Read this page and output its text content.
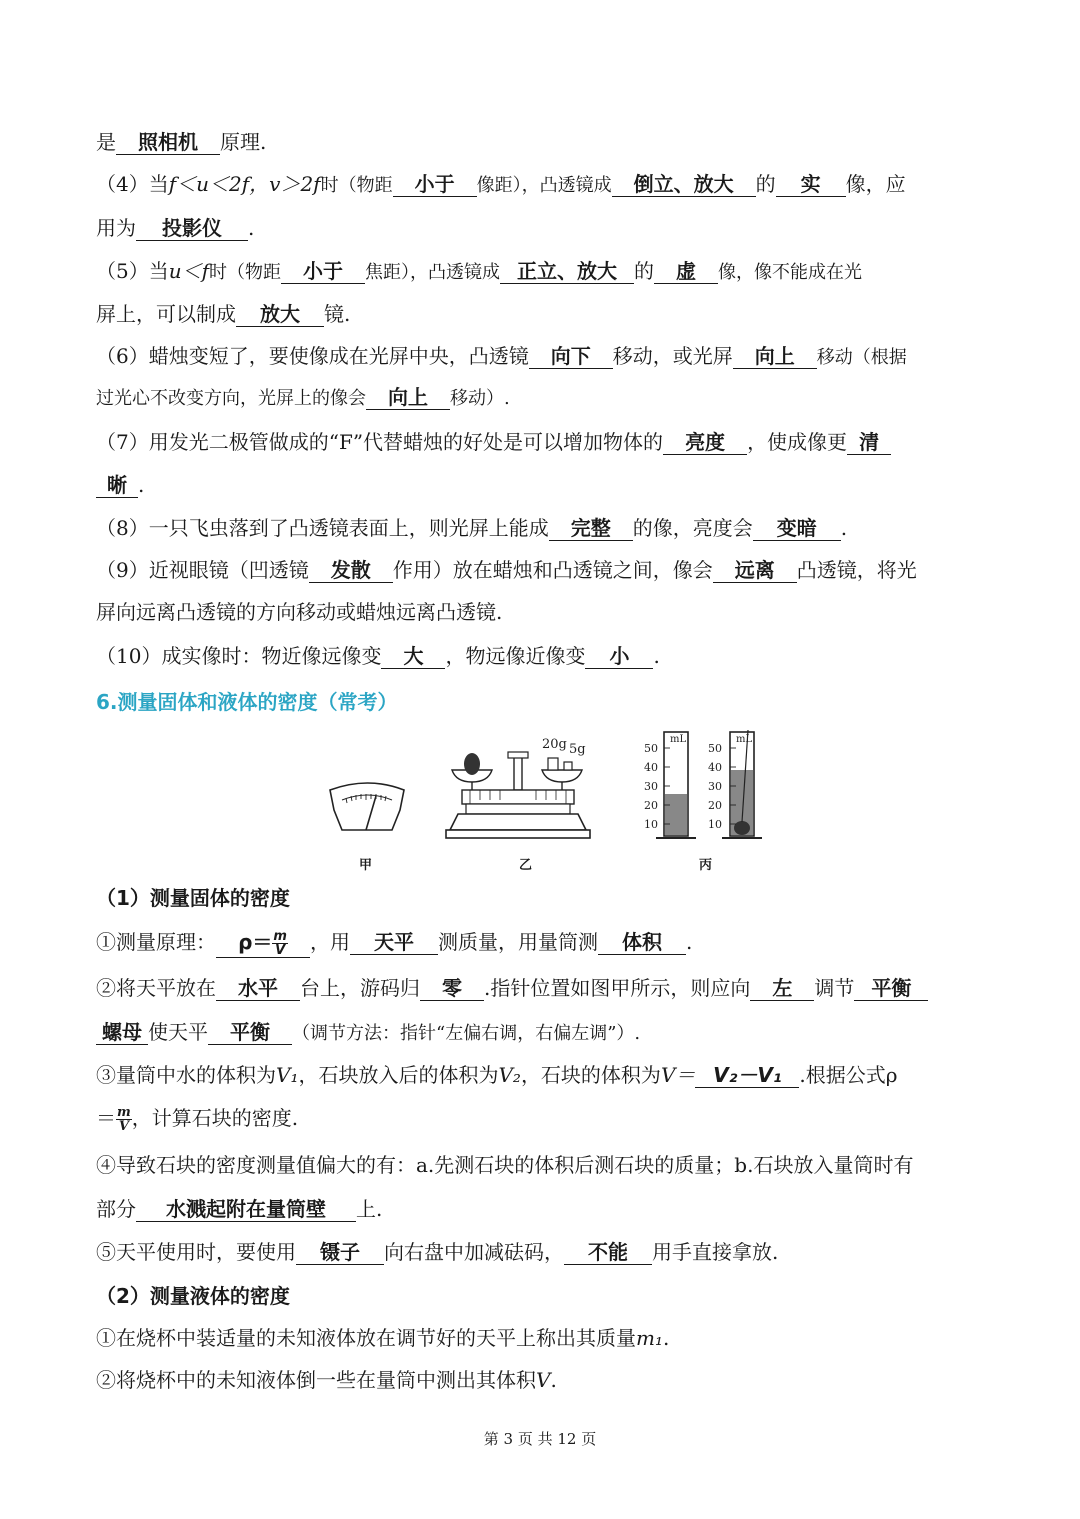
是 照相机 原理.
（4）当f＜u＜2f，v＞2f时（物距 小于 像距），凸透镜成 倒立、放大 的 实 像，应
用为 投影仪 .
（5）当u＜f时（物距 小于 焦距），凸透镜成 正立、放大 的 虚 像，像不能成在光
屏上，可以制成 放大 镜.
（6）蜡烛变短了，要使像成在光屏中央，凸透镜 向下 移动，或光屏 向上 移动（根据
过光心不改变方向，光屏上的像会 向上 移动）.
（7）用发光二极管做成的“F”代替蜡烛的好处是可以增加物体的 亮度 ，使成像更 清
晰 .
（8）一只飞虫落到了凸透镜表面上，则光屏上能成 完整 的像，亮度会 变暗 .
（9）近视眼镜（凹透镜 发散 作用）放在蜡烛和凸透镜之间，像会 远离 凸透镜，将光
屏向远离凸透镜的方向移动或蜡烛远离凸透镜.
（10）成实像时：物近像远像变 大 ，物远像近像变 小 .
6.测量固体和液体的密度（常考）
20g 5g
mL	mL
50
40
30
20
10
50
40
30
20
10
甲	乙	丙
（1）测量固体的密度
①测量原理： $\rho= \frac{m}{V}$ ，用 天平 测质量，用量筒测 体积 .
②将天平放在 水平 台上，游码归 零 .指针位置如图甲所示，则应向 左 调节 平衡
螺母 使天平 平衡 （调节方法：指针“左偏右调，右偏左调”）.
③量筒中水的体积为V₁，石块放入后的体积为V₂，石块的体积为V＝ V₂－V₁ .根据公式ρ
＝ $\frac{m}{V}$ ，计算石块的密度.
④导致石块的密度测量值偏大的有：a.先测石块的体积后测石块的质量；b.石块放入量筒时有
部分 水溅起附在量筒壁 上.
⑤天平使用时，要使用 镊子 向右盘中加减砝码， 不能 用手直接拿放.
（2）测量液体的密度
①在烧杯中装适量的未知液体放在调节好的天平上称出其质量m₁.
②将烧杯中的未知液体倒一些在量筒中测出其体积V.
第 3 页 共 12 页
